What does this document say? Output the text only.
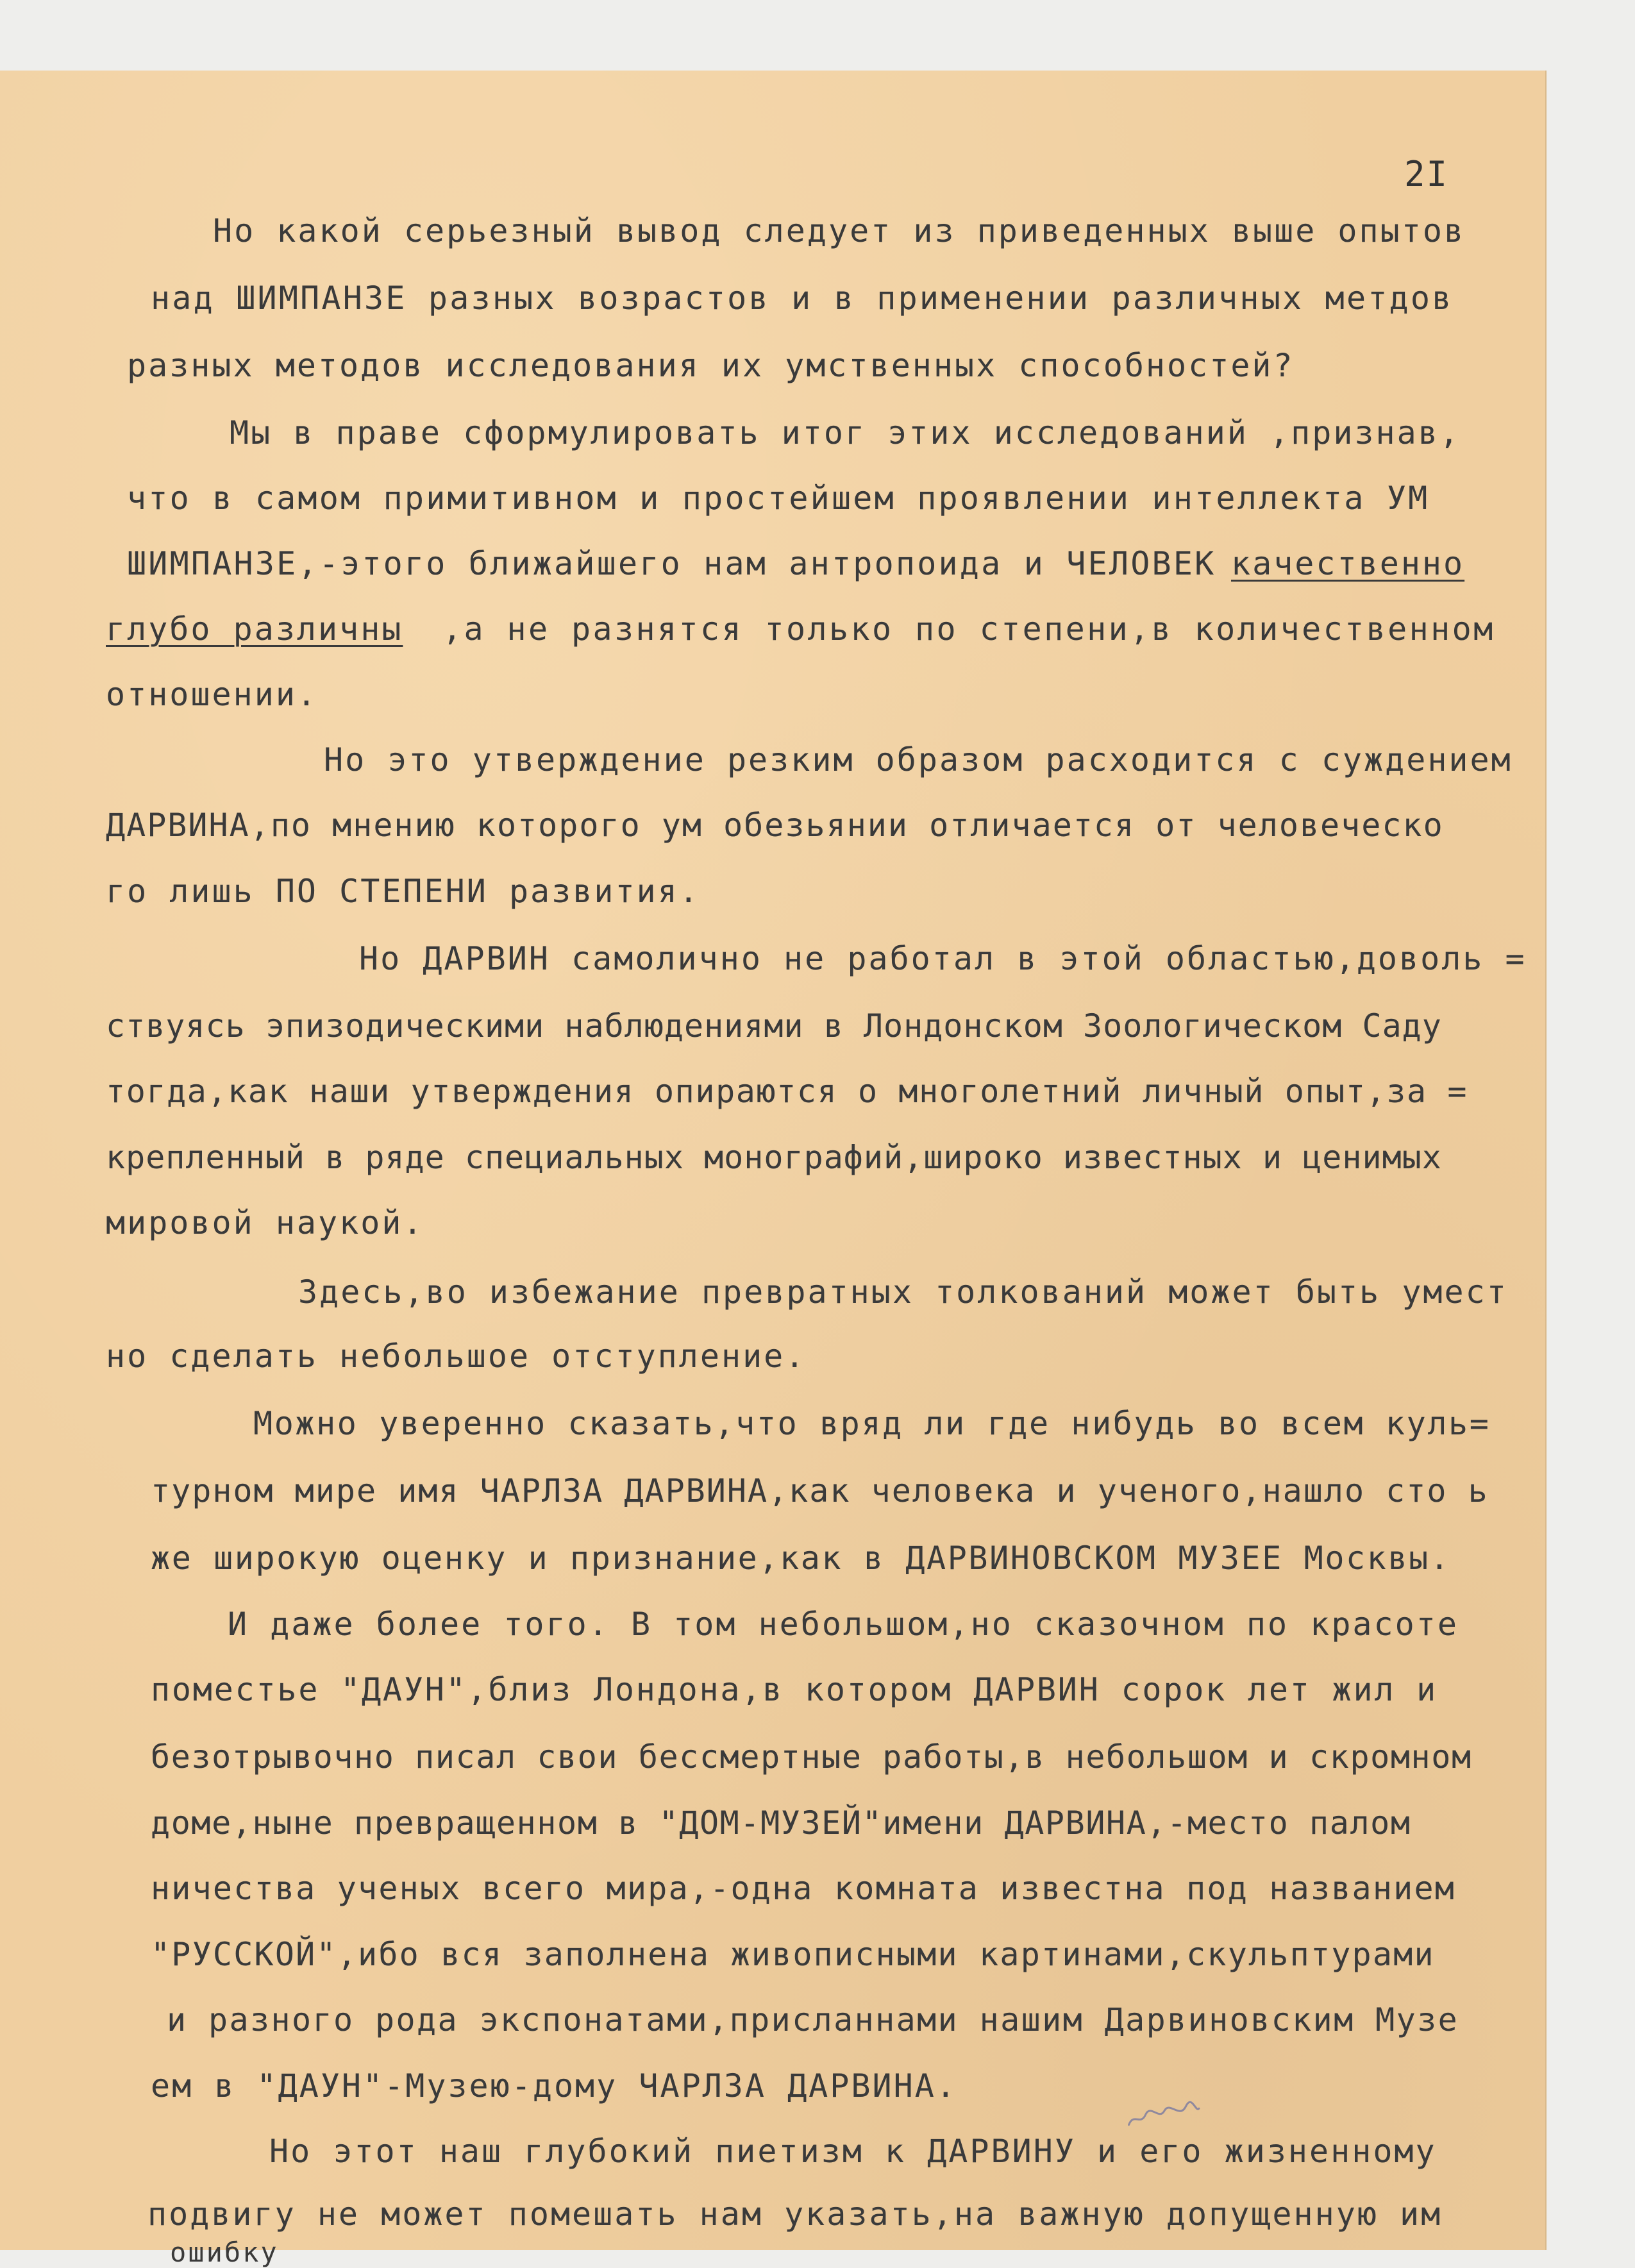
2I
Но какой серьезный вывод следует из приведенных выше опытов
над ШИМПАНЗЕ разных возрастов и в применении различных метдов
разных методов исследования их умственных способностей?
Мы в праве сформулировать итог этих исследований ,признав,
что в самом примитивном и простейшем проявлении интеллекта УМ
ШИМПАНЗЕ,-этого ближайшего нам антропоида и ЧЕЛОВЕК качественно
глубо различны ,а не разнятся только по степени,в количественном
отношении.
Но это утверждение резким образом расходится с суждением
ДАРВИНА,по мнению которого ум обезьянии отличается от человеческо
го лишь ПО СТЕПЕНИ развития.
Но ДАРВИН самолично не работал в этой областью,доволь =
ствуясь эпизодическими наблюдениями в Лондонском Зоологическом Саду
тогда,как наши утверждения опираются о многолетний личный опыт,за =
крепленный в ряде специальных монографий,широко известных и ценимых
мировой наукой.
Здесь,во избежание превратных толкований может быть умест
но сделать небольшое отступление.
Можно уверенно сказать,что вряд ли где нибудь во всем куль=
турном мире имя ЧАРЛЗА ДАРВИНА,как человека и ученого,нашло сто ь
же широкую оценку и признание,как в ДАРВИНОВСКОМ МУЗЕЕ Москвы.
И даже более того. В том небольшом,но сказочном по красоте
поместье "ДАУН",близ Лондона,в котором ДАРВИН сорок лет жил и
безотрывочно писал свои бессмертные работы,в небольшом и скромном
доме,ныне превращенном в "ДОМ-МУЗЕЙ"имени ДАРВИНА,-место палом
ничества ученых всего мира,-одна комната известна под названием
"РУССКОЙ",ибо вся заполнена живописными картинами,скульптурами
и разного рода экспонатами,присланнами нашим Дарвиновским Музе
ем в "ДАУН"-Музею-дому ЧАРЛЗА ДАРВИНА.
Но этот наш глубокий пиетизм к ДАРВИНУ и его жизненному
подвигу не может помешать нам указать,на важную допущенную им
ошибку
